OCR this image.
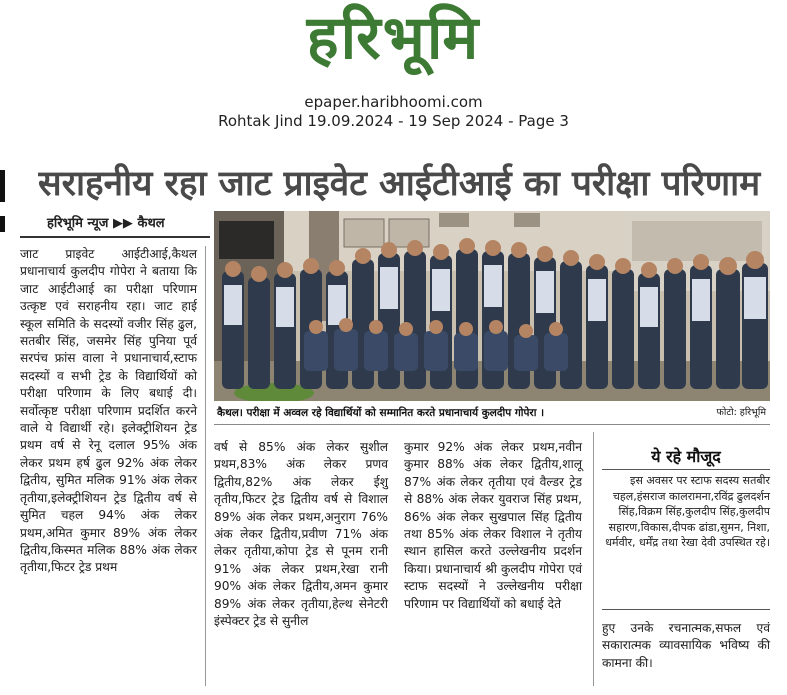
हरिभूमि
epaper.haribhoomi.com
Rohtak Jind 19.09.2024 - 19 Sep 2024 - Page 3
सराहनीय रहा जाट प्राइवेट आईटीआई का परीक्षा परिणाम
हरिभूमि न्यूज ▶▶ कैथल
कैथल। परीक्षा में अव्वल रहे विद्यार्थियों को सम्मानित करते प्रधानाचार्य कुलदीप गोपेरा ।	फोटो: हरिभूमि

जाट प्राइवेट आईटीआई,कैथल प्रधानाचार्य कुलदीप गोपेरा ने बताया कि जाट आईटीआई का परीक्षा परिणाम उत्कृष्ट एवं सराहनीय रहा। जाट हाई स्कूल समिति के सदस्यों वजीर सिंह ढुल, सतबीर सिंह, जसमेर सिंह पुनिया पूर्व सरपंच फ्रांस वाला ने प्रधानाचार्य,स्टाफ सदस्यों व सभी ट्रेड के विद्यार्थियों को परीक्षा परिणाम के लिए बधाई दी। सर्वोत्कृष्ट परीक्षा परिणाम प्रदर्शित करने वाले ये विद्यार्थी रहे। इलेक्ट्रीशियन ट्रेड प्रथम वर्ष से रेनू दलाल 95% अंक लेकर प्रथम हर्ष ढुल 92% अंक लेकर द्वितीय, सुमित मलिक 91% अंक लेकर तृतीया,इलेक्ट्रीशियन ट्रेड द्वितीय वर्ष से सुमित चहल 94% अंक लेकर प्रथम,अमित कुमार 89% अंक लेकर द्वितीय,किस्मत मलिक 88% अंक लेकर तृतीया,फिटर ट्रेड प्रथम

वर्ष से 85% अंक लेकर सुशील प्रथम,83% अंक लेकर प्रणव द्वितीय,82% अंक लेकर ईशु तृतीय,फिटर ट्रेड द्वितीय वर्ष से विशाल 89% अंक लेकर प्रथम,अनुराग 76% अंक लेकर द्वितीय,प्रवीण 71% अंक लेकर तृतीया,कोपा ट्रेड से पूनम रानी 91% अंक लेकर प्रथम,रेखा रानी 90% अंक लेकर द्वितीय,अमन कुमार 89% अंक लेकर तृतीया,हेल्थ सेनेटरी इंस्पेक्टर ट्रेड से सुनील

कुमार 92% अंक लेकर प्रथम,नवीन कुमार 88% अंक लेकर द्वितीय,शालू 87% अंक लेकर तृतीया एवं वैल्डर ट्रेड से 88% अंक लेकर युवराज सिंह प्रथम, 86% अंक लेकर सुखपाल सिंह द्वितीय तथा 85% अंक लेकर विशाल ने तृतीय स्थान हासिल करते उल्लेखनीय प्रदर्शन किया। प्रधानाचार्य श्री कुलदीप गोपेरा एवं स्टाफ सदस्यों ने उल्लेखनीय परीक्षा परिणाम पर विद्यार्थियों को बधाई देते

ये रहे मौजूद
इस अवसर पर स्टाफ सदस्य सतबीर चहल,हंसराज कालरामना,रविंद्र ढुलदर्शन सिंह,विक्रम सिंह,कुलदीप सिंह,कुलदीप सहारण,विकास,दीपक ढांडा,सुमन, निशा, धर्मवीर, धर्मेंद्र तथा रेखा देवी उपस्थित रहे।

हुए उनके रचनात्मक,सफल एवं सकारात्मक व्यावसायिक भविष्य की कामना की।
